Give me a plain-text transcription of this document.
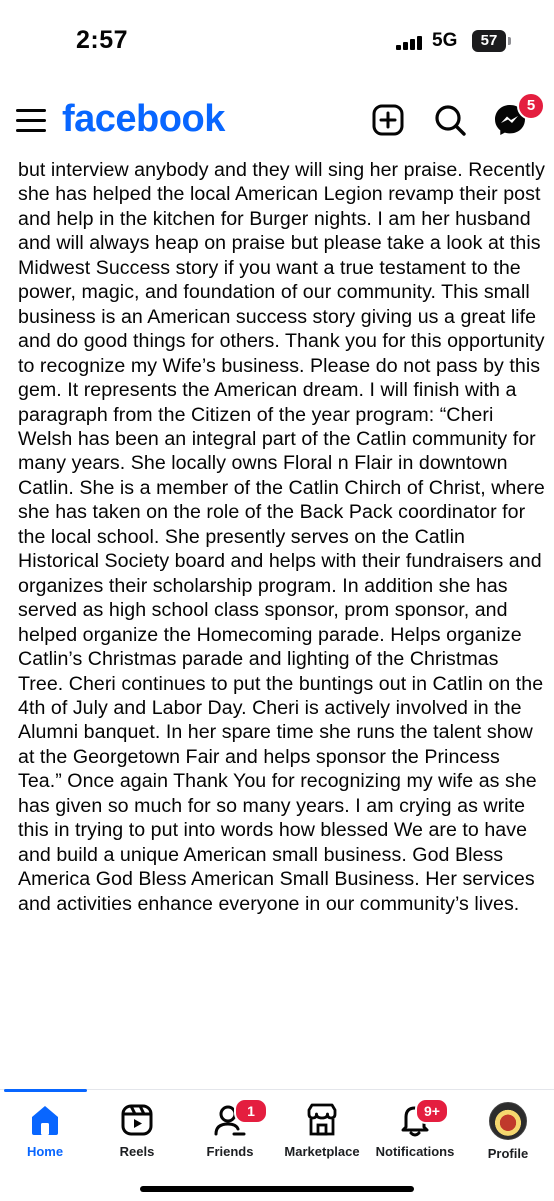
2:57	5G	57
facebook	5

but interview anybody and they will sing her praise. Recently she has helped the local American Legion revamp their post and help in the kitchen for Burger nights. I am her husband and will always heap on praise but please take a look at this Midwest Success story if you want a true testament to the power, magic, and foundation of our community. This small business is an American success story giving us a great life and do good things for others. Thank you for this opportunity to recognize my Wife’s business. Please do not pass by this gem. It represents the American dream. I will finish with a paragraph from the Citizen of the year program: “Cheri Welsh has been an integral part of the Catlin community for many years. She locally owns Floral n Flair in downtown Catlin. She is a member of the Catlin Chirch of Christ, where she has taken on the role of the Back Pack coordinator for the local school. She presently serves on the Catlin Historical Society board and helps with their fundraisers and organizes their scholarship program. In addition she has served as high school class sponsor, prom sponsor, and helped organize the Homecoming parade. Helps organize Catlin’s Christmas parade and lighting of the Christmas Tree. Cheri continues to put the buntings out in Catlin on the 4th of July and Labor Day. Cheri is actively involved in the Alumni banquet. In her spare time she runs the talent show at the Georgetown Fair and helps sponsor the Princess Tea.” Once again Thank You for recognizing my wife as she has given so much for so many years. I am crying as write this in trying to put into words how blessed We are to have and build a unique American small business. God Bless America God Bless American Small Business. Her services and activities enhance everyone in our community’s lives.

Home	Reels
1
Friends	Marketplace
9+
Notifications	Profile
